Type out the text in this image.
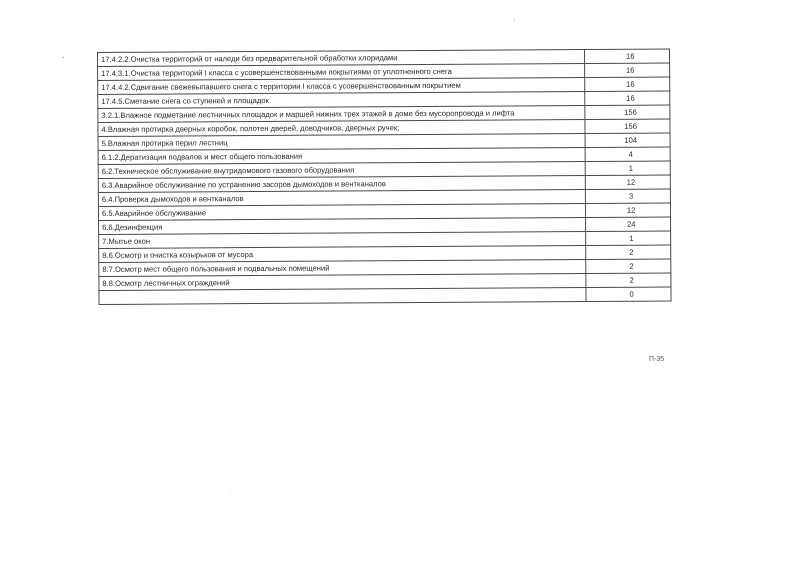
17.4.2.2.Очистка территорий от наледи без предварительной обработки хлоридами	16
17.4.3.1.Очистка территорий I класса с усовершенствованными покрытиями от уплотненного снега	16
17.4.4.2.Сдвигание свежевыпавшего снега с территории I класса с усовершенствованным покрытием	16
17.4.5.Сметание снега со ступеней и площадок	16
3.2.1.Влажное подметание лестничных площадок и маршей нижних трех этажей в доме без мусоропровода и лифта	156
4.Влажная протирка дверных коробок, полотен дверей, доводчиков, дверных ручек;	156
5.Влажная протирка перил лестниц	104
6.1.2.Дератизация подвалов и мест общего пользования	4
6.2.Техническое обслуживание внутридомового газового оборудования	1
6.3.Аварийное обслуживание по устранению засоров дымоходов и вентканалов	12
6.4.Проверка дымоходов и вентканалов	3
6.5.Аварийное обслуживание	12
6.6.Дезинфекция	24
7.Мытье окон	1
8.6.Осмотр и очистка козырьков от мусора	2
8.7.Осмотр мест общего пользования и подвальных помещений	2
8.8.Осмотр лестничных ограждений	2
	0
П-35
